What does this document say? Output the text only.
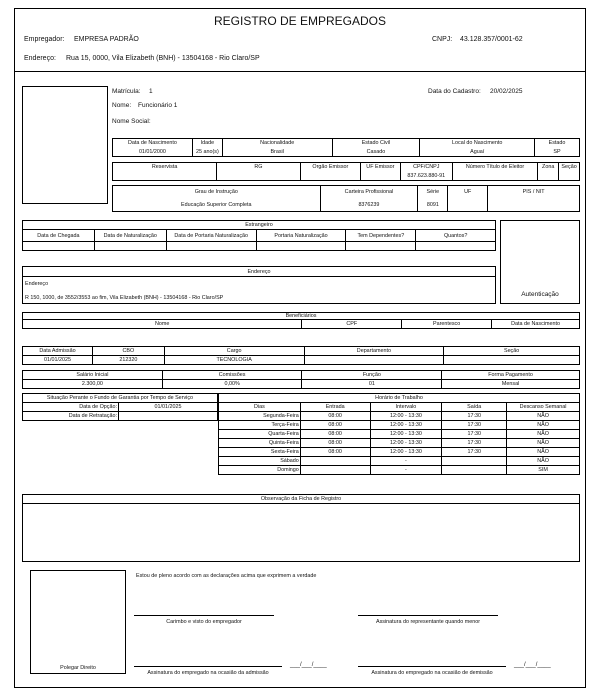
REGISTRO DE EMPREGADOS
Empregador: EMPRESA PADRÃO	CNPJ: 43.128.357/0001-62
Endereço: Rua 15, 0000, Vila Elizabeth (BNH) - 13504168 - Rio Claro/SP
Matrícula: 1	Data do Cadastro: 20/02/2025
Nome: Funcionário 1
Nome Social:
Data de Nascimento	Idade	Nacionalidade	Estado Civil	Local do Nascimento	Estado
01/01/2000	25 ano(s)	Brasil	Casado	Aguaí	SP
Reservista	RG	Orgão Emissor	UF Emissor	CPF/CNPJ	Número Título de Eleitor	Zona	Seção
				837.623.880-91			
Grau de Instrução	Carteira Profissional	Série	UF	PIS / NIT
Educação Superior Completa	8376239	8091		
Estrangeiro					
Data de Chegada	Data de Naturalização	Data de Portaria Naturalização	Portaria Naturalização	Tem Dependentes?	Quantos?

Autenticação
Endereço
Endereço
R 150, 1000, de 3552/3553 ao fim, Vila Elizabeth (BNH) - 13504168 - Rio Claro/SP
Beneficiários
Nome	CPF	Parentesco	Data de Nascimento
Data Admissão	CBO	Cargo	Departamento	Seção
01/01/2025	212320	TECNOLOGIA		
Salário Inicial	Comissões	Função	Forma Pagamento
2.300,00	0,00%	01	Mensal
Situação Perante o Fundo de Garantia por Tempo de Serviço	
Data de Opção:	01/01/2025
Data de Retratação:	
Horário de Trabalho				
Dias	Entrada	Intervalo	Saída	Descanso Semanal
Segunda-Feira	08:00	12:00 - 13:30	17:30	NÃO
Terça-Feira	08:00	12:00 - 13:30	17:30	NÃO
Quarta-Feira	08:00	12:00 - 13:30	17:30	NÃO
Quinta-Feira	08:00	12:00 - 13:30	17:30	NÃO
Sexta-Feira	08:00	12:00 - 13:30	17:30	NÃO
Sábado		-		NÃO
Domingo		-		SIM
Observação da Ficha de Registro
Polegar Direito
Estou de pleno acordo com as declarações acima que exprimem a verdade
Carimbo e visto do empregador	Assinatura do representante quando menor
Assinatura do empregado na ocasião da admissão
___/___/____
Assinatura do empregado na ocasião de demissão
___/___/____
